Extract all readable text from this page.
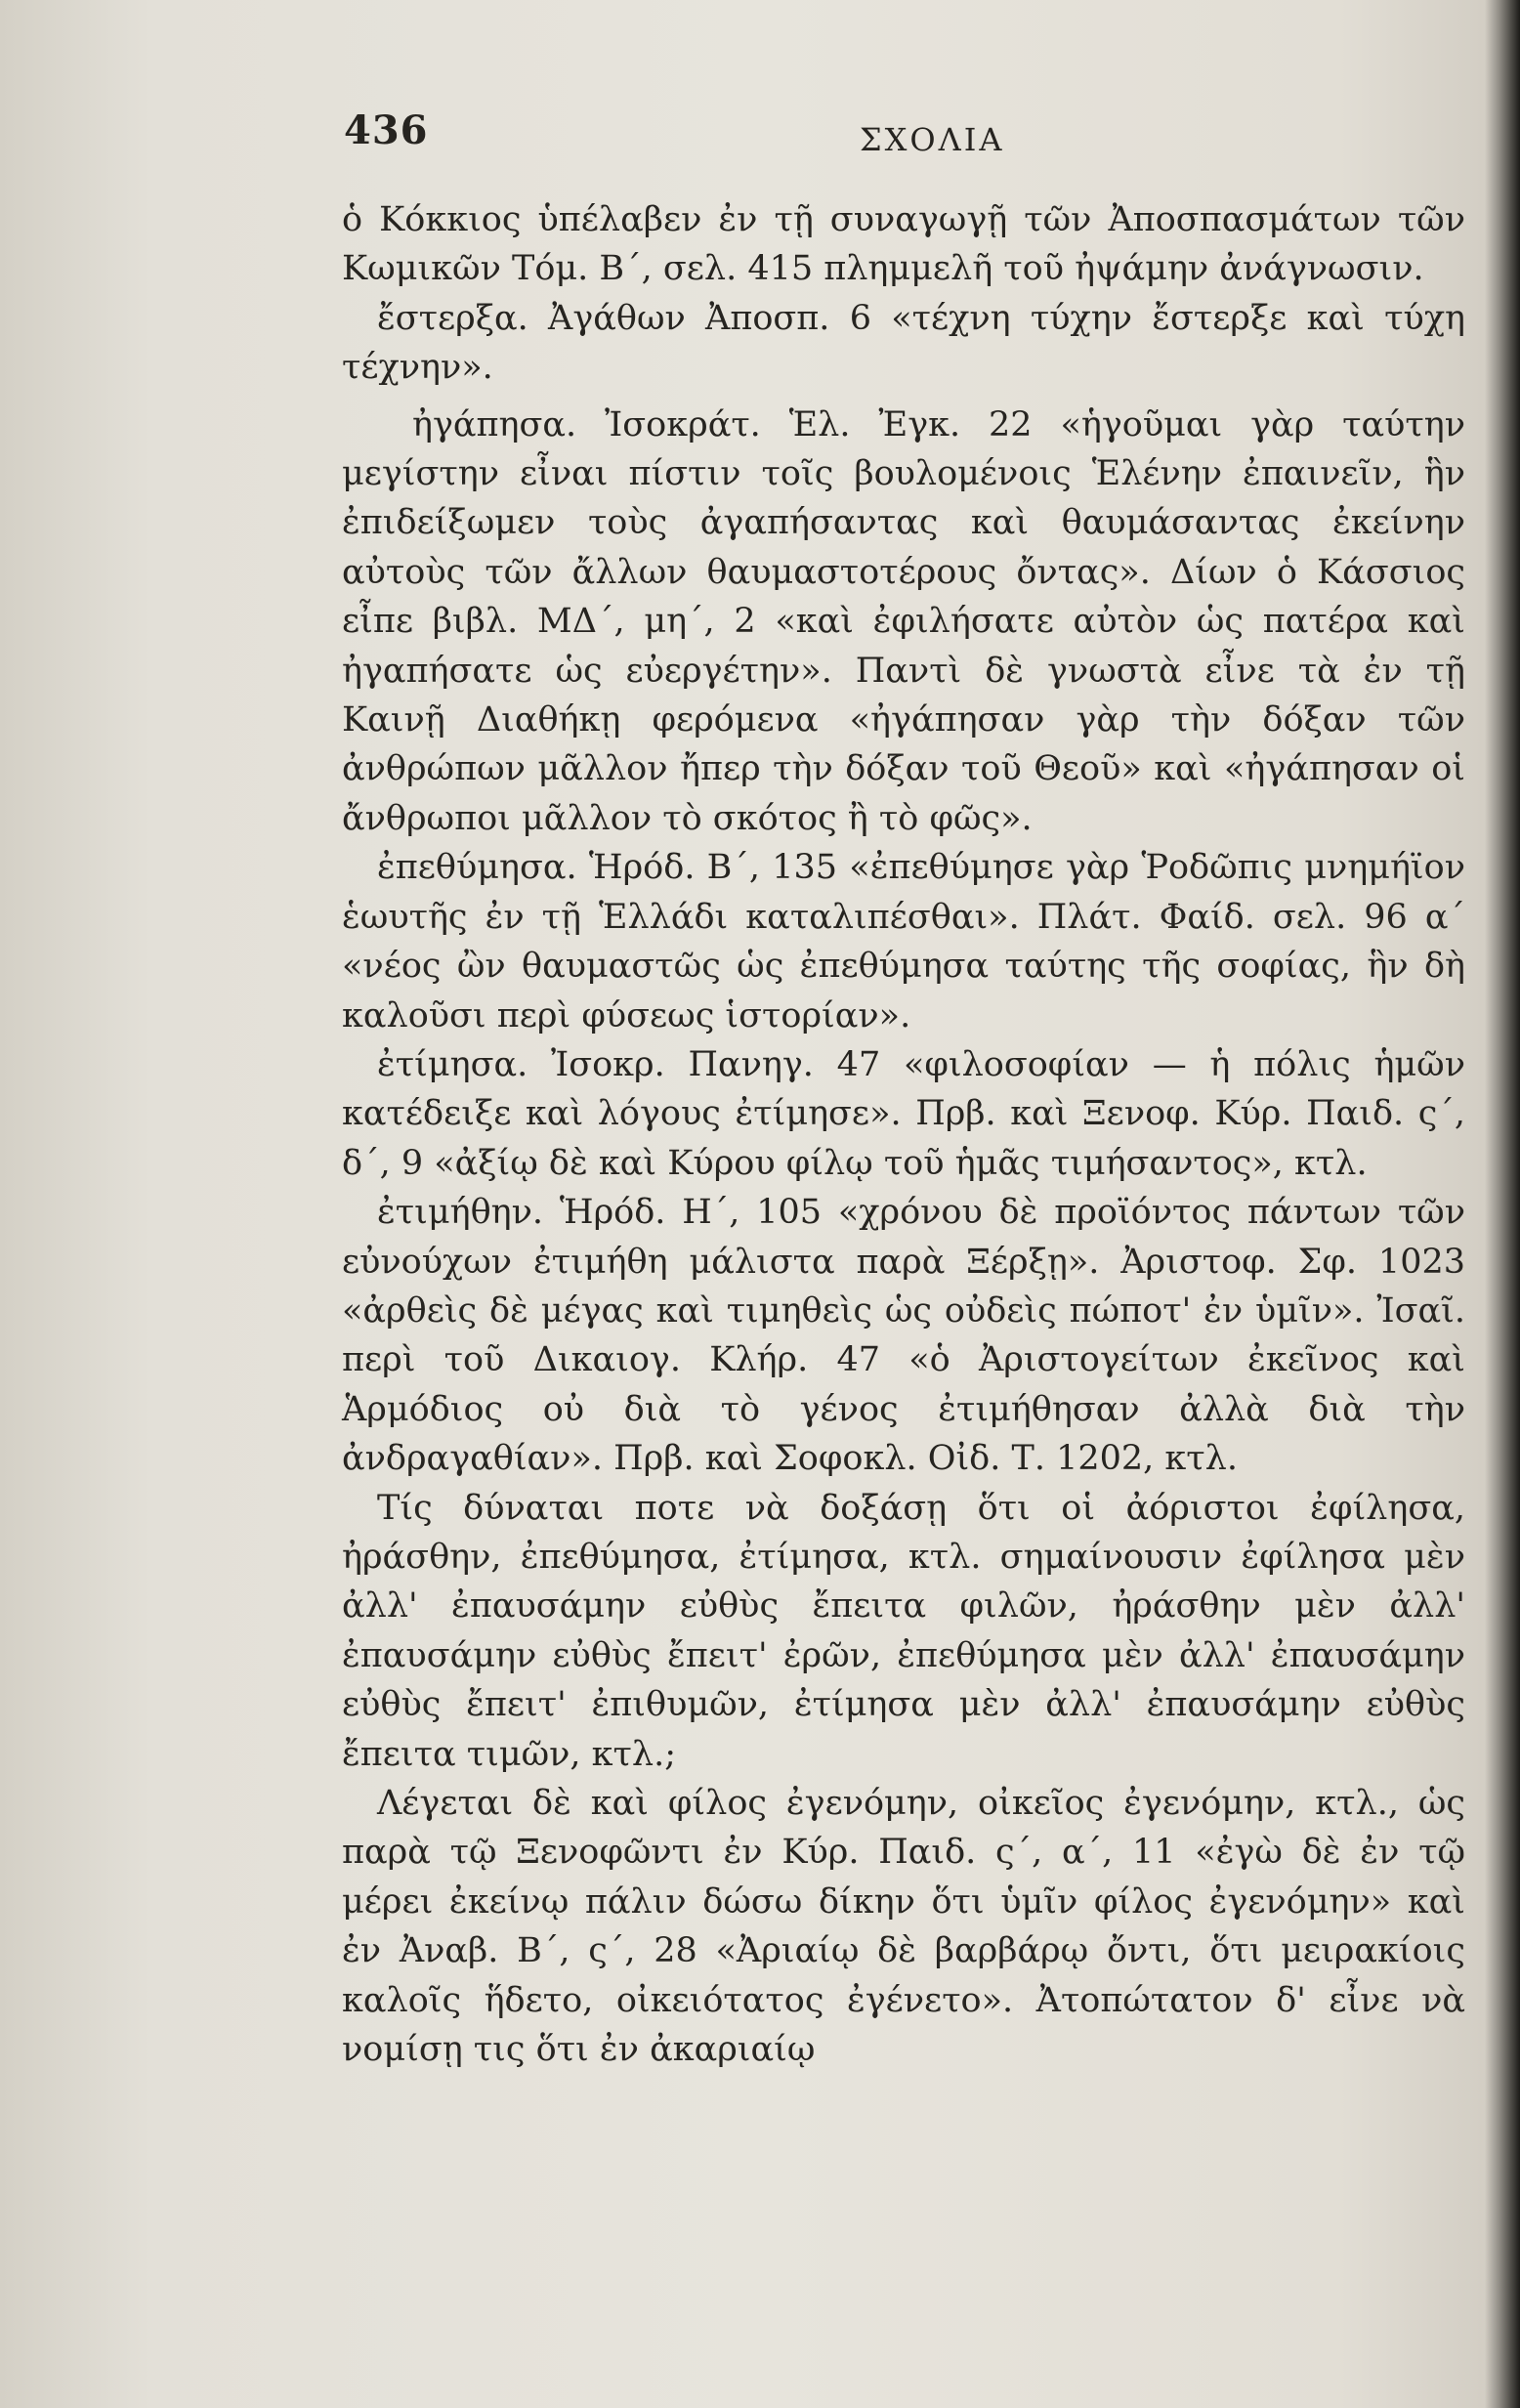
436	ΣΧΟΛΙΑ

ὁ Κόκκιος ὑπέλαβεν ἐν τῇ συναγωγῇ τῶν Ἀποσπασμάτων τῶν Κωμικῶν Τόμ. Β΄, σελ. 415 πλημμελῆ τοῦ ἠψάμην ἀνάγνωσιν.

ἔστερξα. Ἀγάθων Ἀποσπ. 6 «τέχνη τύχην ἔστερξε καὶ τύχη τέχνην».

ἠγάπησα. Ἰσοκράτ. Ἑλ. Ἐγκ. 22 «ἡγοῦμαι γὰρ ταύτην μεγίστην εἶναι πίστιν τοῖς βουλομένοις Ἑλένην ἐπαινεῖν, ἣν ἐπιδείξωμεν τοὺς ἀγαπήσαντας καὶ θαυμάσαντας ἐκείνην αὐτοὺς τῶν ἄλλων θαυμαστοτέρους ὄντας». Δίων ὁ Κάσσιος εἶπε βιβλ. ΜΔ΄, μη΄, 2 «καὶ ἐφιλήσατε αὐτὸν ὡς πατέρα καὶ ἠγαπήσατε ὡς εὐεργέτην». Παντὶ δὲ γνωστὰ εἶνε τὰ ἐν τῇ Καινῇ Διαθήκῃ φερόμενα «ἠγάπησαν γὰρ τὴν δόξαν τῶν ἀνθρώπων μᾶλλον ἤπερ τὴν δόξαν τοῦ Θεοῦ» καὶ «ἠγάπησαν οἱ ἄνθρωποι μᾶλλον τὸ σκότος ἢ τὸ φῶς».

ἐπεθύμησα. Ἡρόδ. Β΄, 135 «ἐπεθύμησε γὰρ Ῥοδῶπις μνημήϊον ἑωυτῆς ἐν τῇ Ἑλλάδι καταλιπέσθαι». Πλάτ. Φαίδ. σελ. 96 α΄ «νέος ὢν θαυμαστῶς ὡς ἐπεθύμησα ταύτης τῆς σοφίας, ἣν δὴ καλοῦσι περὶ φύσεως ἱστορίαν».

ἐτίμησα. Ἰσοκρ. Πανηγ. 47 «φιλοσοφίαν — ἡ πόλις ἡμῶν κατέδειξε καὶ λόγους ἐτίμησε». Πρβ. καὶ Ξενοφ. Κύρ. Παιδ. ς΄, δ΄, 9 «ἀξίῳ δὲ καὶ Κύρου φίλῳ τοῦ ἡμᾶς τιμήσαντος», κτλ.

ἐτιμήθην. Ἡρόδ. Η΄, 105 «χρόνου δὲ προϊόντος πάντων τῶν εὐνούχων ἐτιμήθη μάλιστα παρὰ Ξέρξῃ». Ἀριστοφ. Σφ. 1023 «ἀρθεὶς δὲ μέγας καὶ τιμηθεὶς ὡς οὐδεὶς πώποτ' ἐν ὑμῖν». Ἰσαῖ. περὶ τοῦ Δικαιογ. Κλήρ. 47 «ὁ Ἀριστογείτων ἐκεῖνος καὶ Ἁρμόδιος οὐ διὰ τὸ γένος ἐτιμήθησαν ἀλλὰ διὰ τὴν ἀνδραγαθίαν». Πρβ. καὶ Σοφοκλ. Οἰδ. Τ. 1202, κτλ.

Τίς δύναται ποτε νὰ δοξάσῃ ὅτι οἱ ἀόριστοι ἐφίλησα, ἠράσθην, ἐπεθύμησα, ἐτίμησα, κτλ. σημαίνουσιν ἐφίλησα μὲν ἀλλ' ἐπαυσάμην εὐθὺς ἔπειτα φιλῶν, ἠράσθην μὲν ἀλλ' ἐπαυσάμην εὐθὺς ἔπειτ' ἐρῶν, ἐπεθύμησα μὲν ἀλλ' ἐπαυσάμην εὐθὺς ἔπειτ' ἐπιθυμῶν, ἐτίμησα μὲν ἀλλ' ἐπαυσάμην εὐθὺς ἔπειτα τιμῶν, κτλ.;

Λέγεται δὲ καὶ φίλος ἐγενόμην, οἰκεῖος ἐγενόμην, κτλ., ὡς παρὰ τῷ Ξενοφῶντι ἐν Κύρ. Παιδ. ς΄, α΄, 11 «ἐγὼ δὲ ἐν τῷ μέρει ἐκείνῳ πάλιν δώσω δίκην ὅτι ὑμῖν φίλος ἐγενόμην» καὶ ἐν Ἀναβ. Β΄, ς΄, 28 «Ἀριαίῳ δὲ βαρβάρῳ ὄντι, ὅτι μειρακίοις καλοῖς ἥδετο, οἰκειότατος ἐγένετο». Ἀτοπώτατον δ' εἶνε νὰ νομίσῃ τις ὅτι ἐν ἀκαριαίῳ
